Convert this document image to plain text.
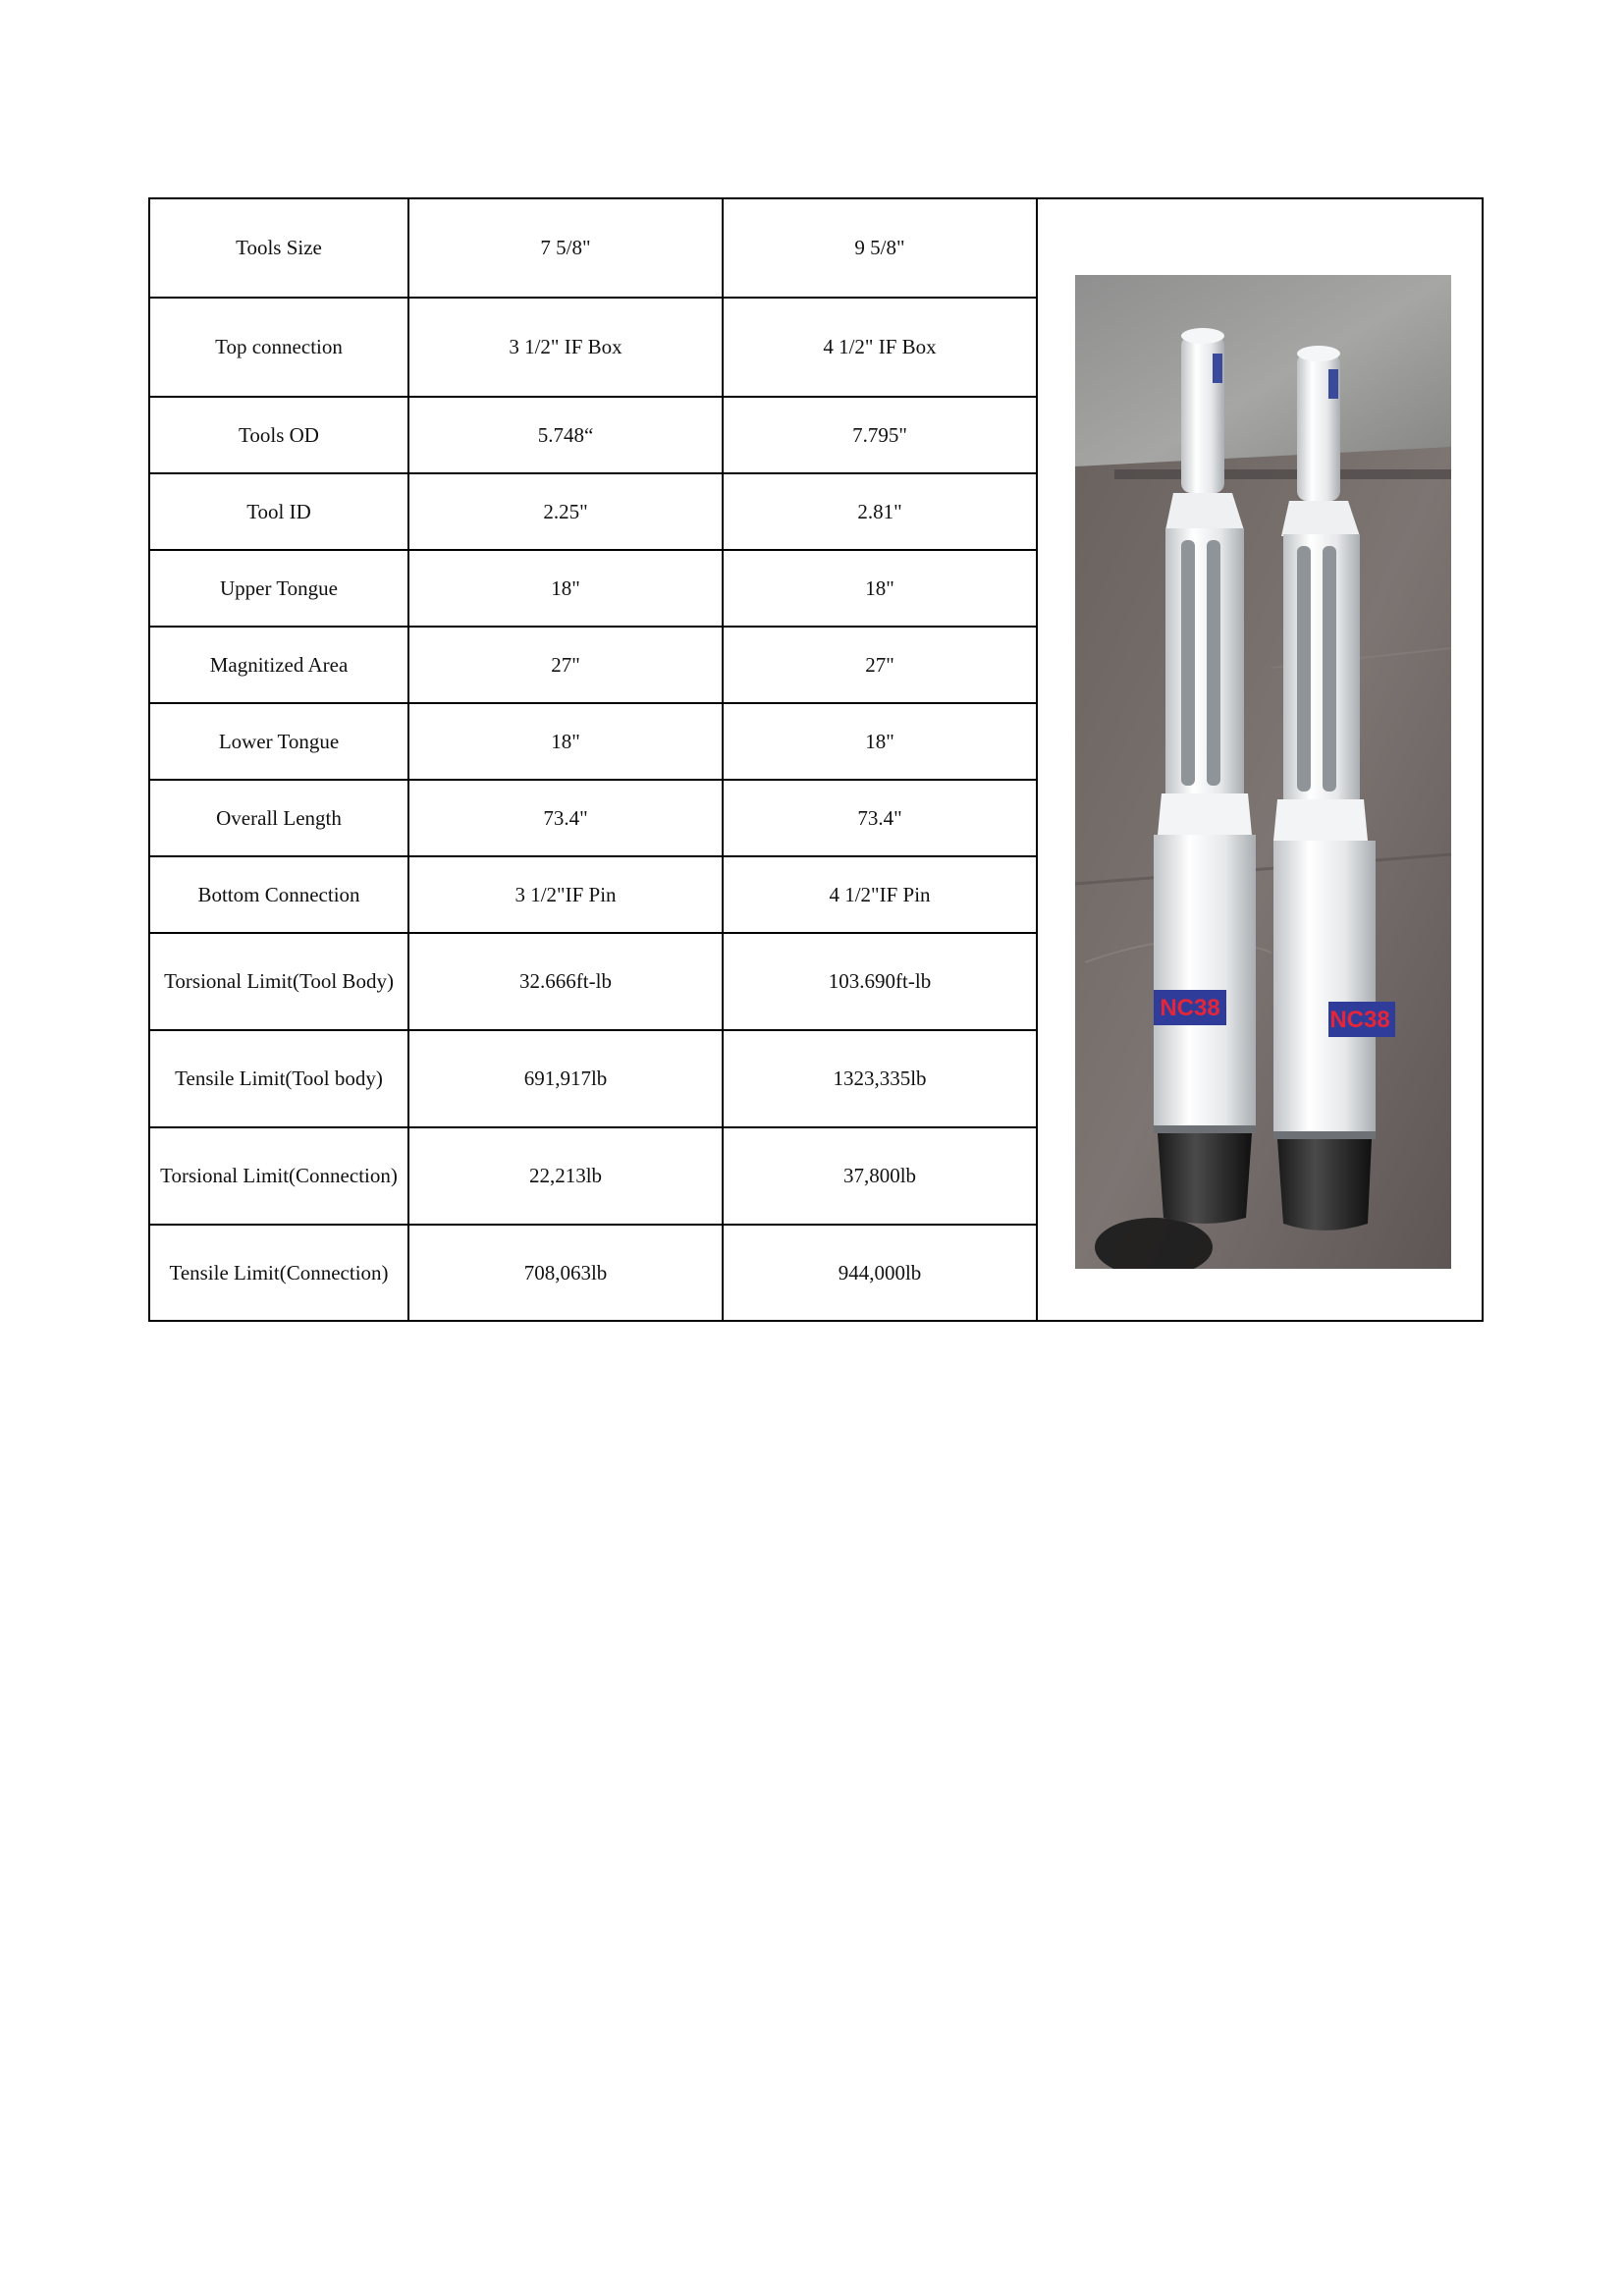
Tools Size	7 5/8"	9 5/8"	NC38 NC38

Top connection	3 1/2" IF Box	4 1/2" IF Box	
Tools OD	5.748“	7.795"	
Tool ID	2.25"	2.81"	
Upper Tongue	18"	18"	
Magnitized Area	27"	27"	
Lower Tongue	18"	18"	
Overall Length	73.4"	73.4"	
Bottom Connection	3 1/2"IF Pin	4 1/2"IF Pin	
Torsional Limit(Tool Body)	32.666ft-lb	103.690ft-lb	
Tensile Limit(Tool body)	691,917lb	1323,335lb	
Torsional Limit(Connection)	22,213lb	37,800lb	
Tensile Limit(Connection)	708,063lb	944,000lb	
